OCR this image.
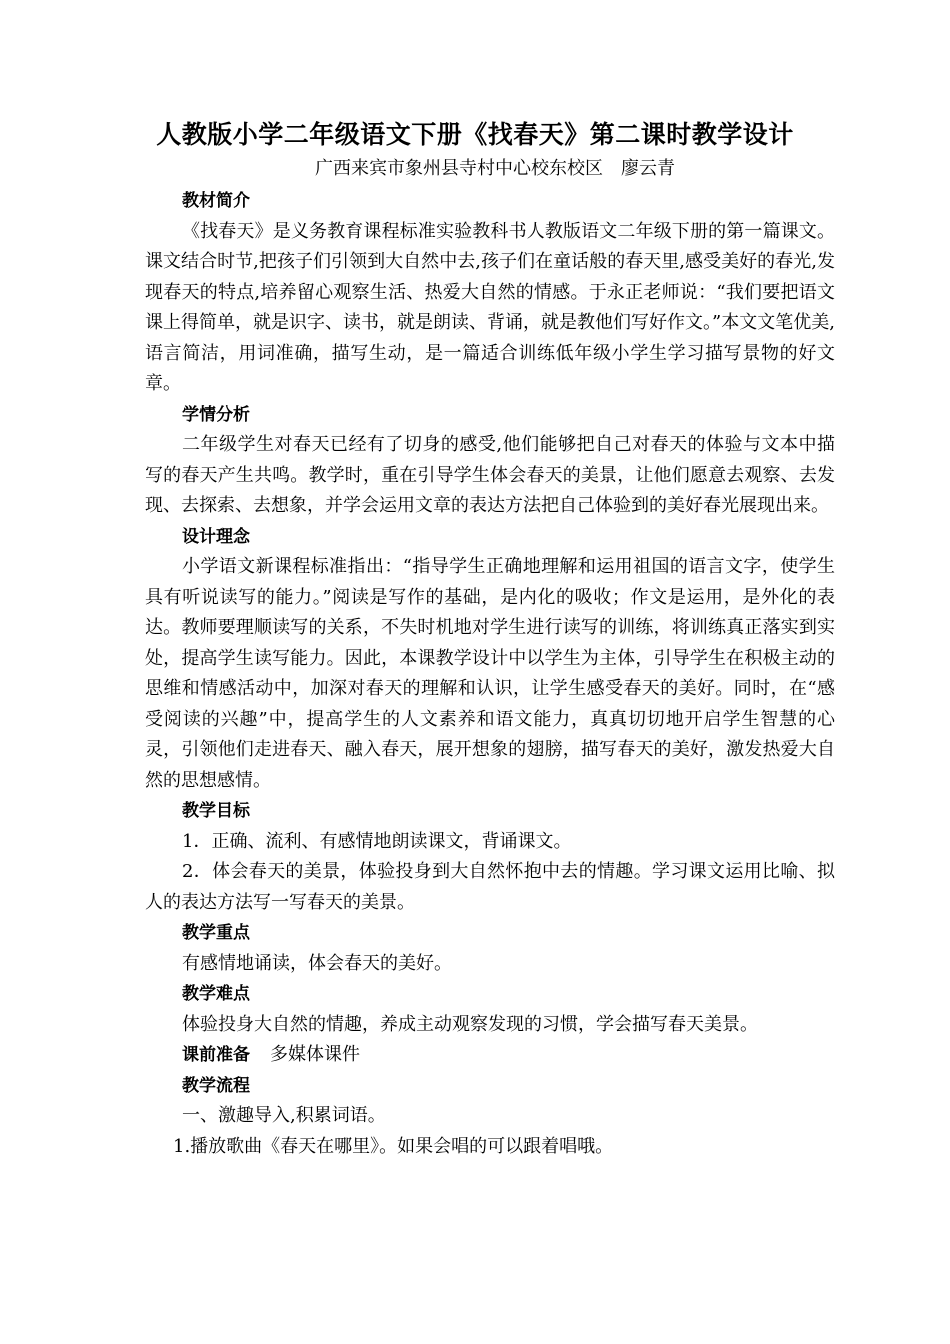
人教版小学二年级语文下册《找春天》第二课时教学设计
广西来宾市象州县寺村中心校东校区 廖云青

教材简介

《找春天》是义务教育课程标准实验教科书人教版语文二年级下册的第一篇课文。课文结合时节,把孩子们引领到大自然中去,孩子们在童话般的春天里,感受美好的春光,发现春天的特点,培养留心观察生活、热爱大自然的情感。于永正老师说：“我们要把语文课上得简单，就是识字、读书，就是朗读、背诵，就是教他们写好作文。”本文文笔优美,语言简洁，用词准确，描写生动，是一篇适合训练低年级小学生学习描写景物的好文章。

学情分析

二年级学生对春天已经有了切身的感受,他们能够把自己对春天的体验与文本中描写的春天产生共鸣。教学时，重在引导学生体会春天的美景，让他们愿意去观察、去发现、去探索、去想象，并学会运用文章的表达方法把自己体验到的美好春光展现出来。

设计理念

小学语文新课程标准指出：“指导学生正确地理解和运用祖国的语言文字，使学生具有听说读写的能力。”阅读是写作的基础，是内化的吸收；作文是运用，是外化的表达。教师要理顺读写的关系，不失时机地对学生进行读写的训练，将训练真正落实到实处，提高学生读写能力。因此，本课教学设计中以学生为主体，引导学生在积极主动的思维和情感活动中，加深对春天的理解和认识，让学生感受春天的美好。同时，在“感受阅读的兴趣”中，提高学生的人文素养和语文能力，真真切切地开启学生智慧的心灵，引领他们走进春天、融入春天，展开想象的翅膀，描写春天的美好，激发热爱大自然的思想感情。

教学目标

1．正确、流利、有感情地朗读课文，背诵课文。

2．体会春天的美景，体验投身到大自然怀抱中去的情趣。学习课文运用比喻、拟人的表达方法写一写春天的美景。

教学重点

有感情地诵读，体会春天的美好。

教学难点

体验投身大自然的情趣，养成主动观察发现的习惯，学会描写春天美景。

课前准备 多媒体课件

教学流程

一、激趣导入,积累词语。

1.播放歌曲《春天在哪里》。如果会唱的可以跟着唱哦。
